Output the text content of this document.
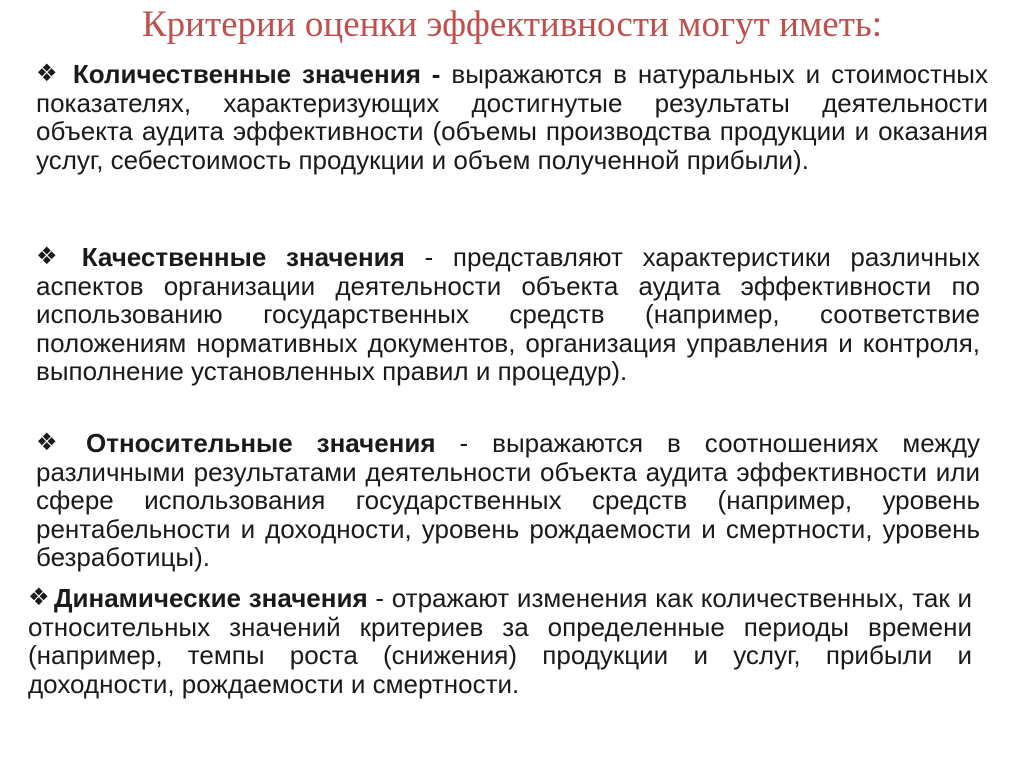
Критерии оценки эффективности могут иметь:
❖ Количественные значения - выражаются в натуральных и стоимостных показателях, характеризующих достигнутые результаты деятельности объекта аудита эффективности (объемы производства продукции и оказания услуг, себестоимость продукции и объем полученной прибыли).
❖ Качественные значения - представляют характеристики различных аспектов организации деятельности объекта аудита эффективности по использованию государственных средств (например, соответствие положениям нормативных документов, организация управления и контроля, выполнение установленных правил и процедур).
❖ Относительные значения - выражаются в соотношениях между различными результатами деятельности объекта аудита эффективности или сфере использования государственных средств (например, уровень рентабельности и доходности, уровень рождаемости и смертности, уровень безработицы).
❖ Динамические значения - отражают изменения как количественных, так и относительных значений критериев за определенные периоды времени (например, темпы роста (снижения) продукции и услуг, прибыли и доходности, рождаемости и смертности.
